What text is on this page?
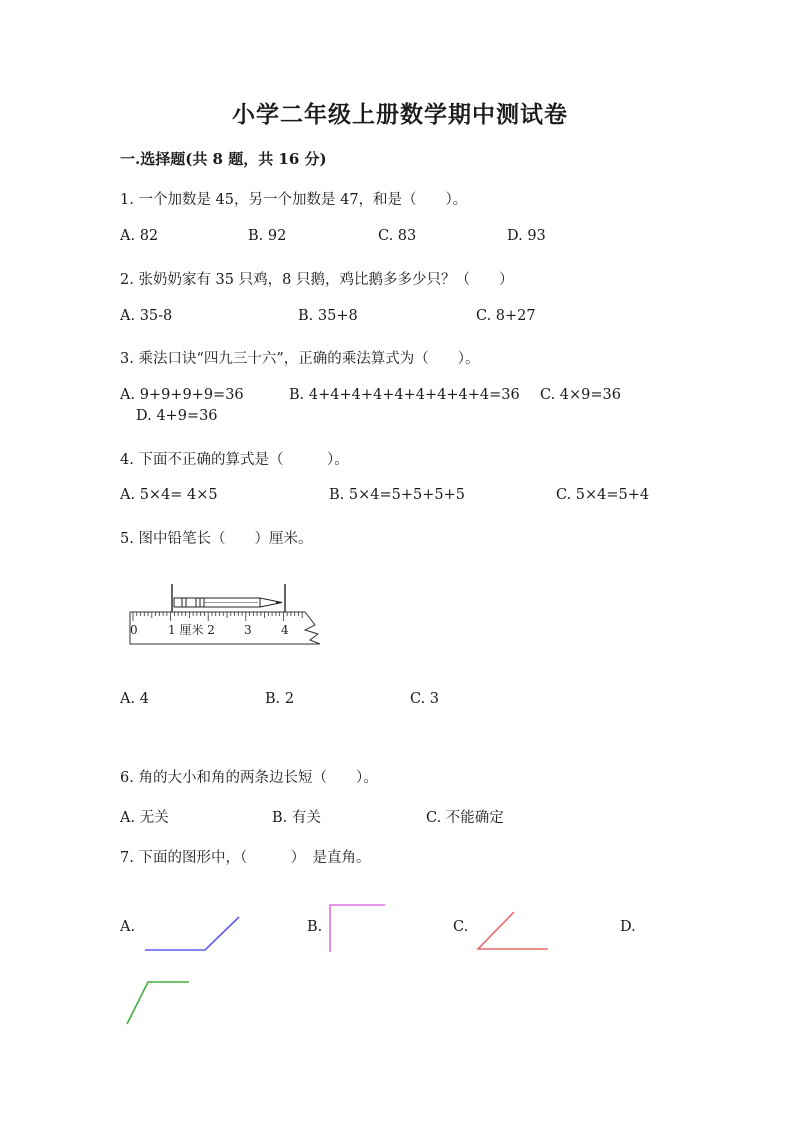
小学二年级上册数学期中测试卷
一.选择题(共 8 题，共 16 分)
1. 一个加数是 45，另一个加数是 47，和是（　　）。
A. 82	B. 92	C. 83	D. 93
2. 张奶奶家有 35 只鸡，8 只鹅，鸡比鹅多多少只？（　　）
A. 35-8	B. 35+8	C. 8+27
3. 乘法口诀“四九三十六”，正确的乘法算式为（　　）。
A. 9+9+9+9=36	B. 4+4+4+4+4+4+4+4+4=36 C. 4×9=36
D. 4+9=36
4. 下面不正确的算式是（　　　）。
A. 5×4= 4×5	B. 5×4=5+5+5+5	C. 5×4=5+4
5. 图中铅笔长（　　）厘米。
0	1 厘米 2 3 4
A. 4	B. 2	C. 3
6. 角的大小和角的两条边长短（　　）。
A. 无关	B. 有关	C. 不能确定
7. 下面的图形中，（　　　）　是直角。
A.	B.	C.	D.
